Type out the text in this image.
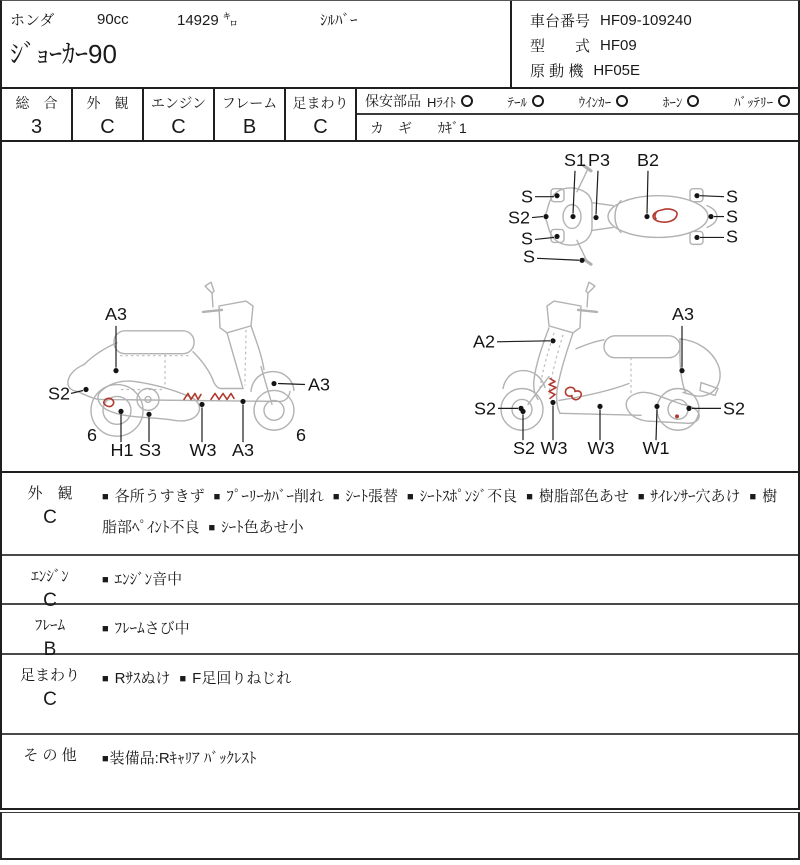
ホンダ	90cc	14929 ㌔	ｼﾙﾊﾞｰ
ｼﾞｮｰｶｰ90
車台番号 HF09-109240
型　　式 HF09
原 動 機 HF05E
総　合
3
外　観
C
エンジン
C
フレーム
B
足まわり
C
保安部品 Hﾗｲﾄ	ﾃｰﾙ	ｳｲﾝｶｰ	ﾎｰﾝ	ﾊﾞｯﾃﾘｰ
カ　ギ ｶｷﾞ1
S1 P3 B2
S
S2
S
S
S
S
S
A3
S2
6
H1 S3 W3 A3
6
A3
A2
A3
S2
S2 W3 W3 W1
S2
外　観
C
■ 各所うすきず ■ ﾌﾟｰﾘｰｶﾊﾞｰ削れ ■ ｼｰﾄ張替 ■ ｼｰﾄｽﾎﾟﾝｼﾞ不良 ■ 樹脂部色あせ ■ ｻｲﾚﾝｻｰ穴あけ ■ 樹脂部ﾍﾟｲﾝﾄ不良 ■ ｼｰﾄ色あせ小
ｴﾝｼﾞﾝ
C
■ ｴﾝｼﾞﾝ音中
ﾌﾚｰﾑ
B
■ ﾌﾚｰﾑさび中
足まわり
C
■ Rｻｽぬけ ■ F足回りねじれ
そ の 他	■装備品:Rｷｬﾘｱ ﾊﾞｯｸﾚｽﾄ
